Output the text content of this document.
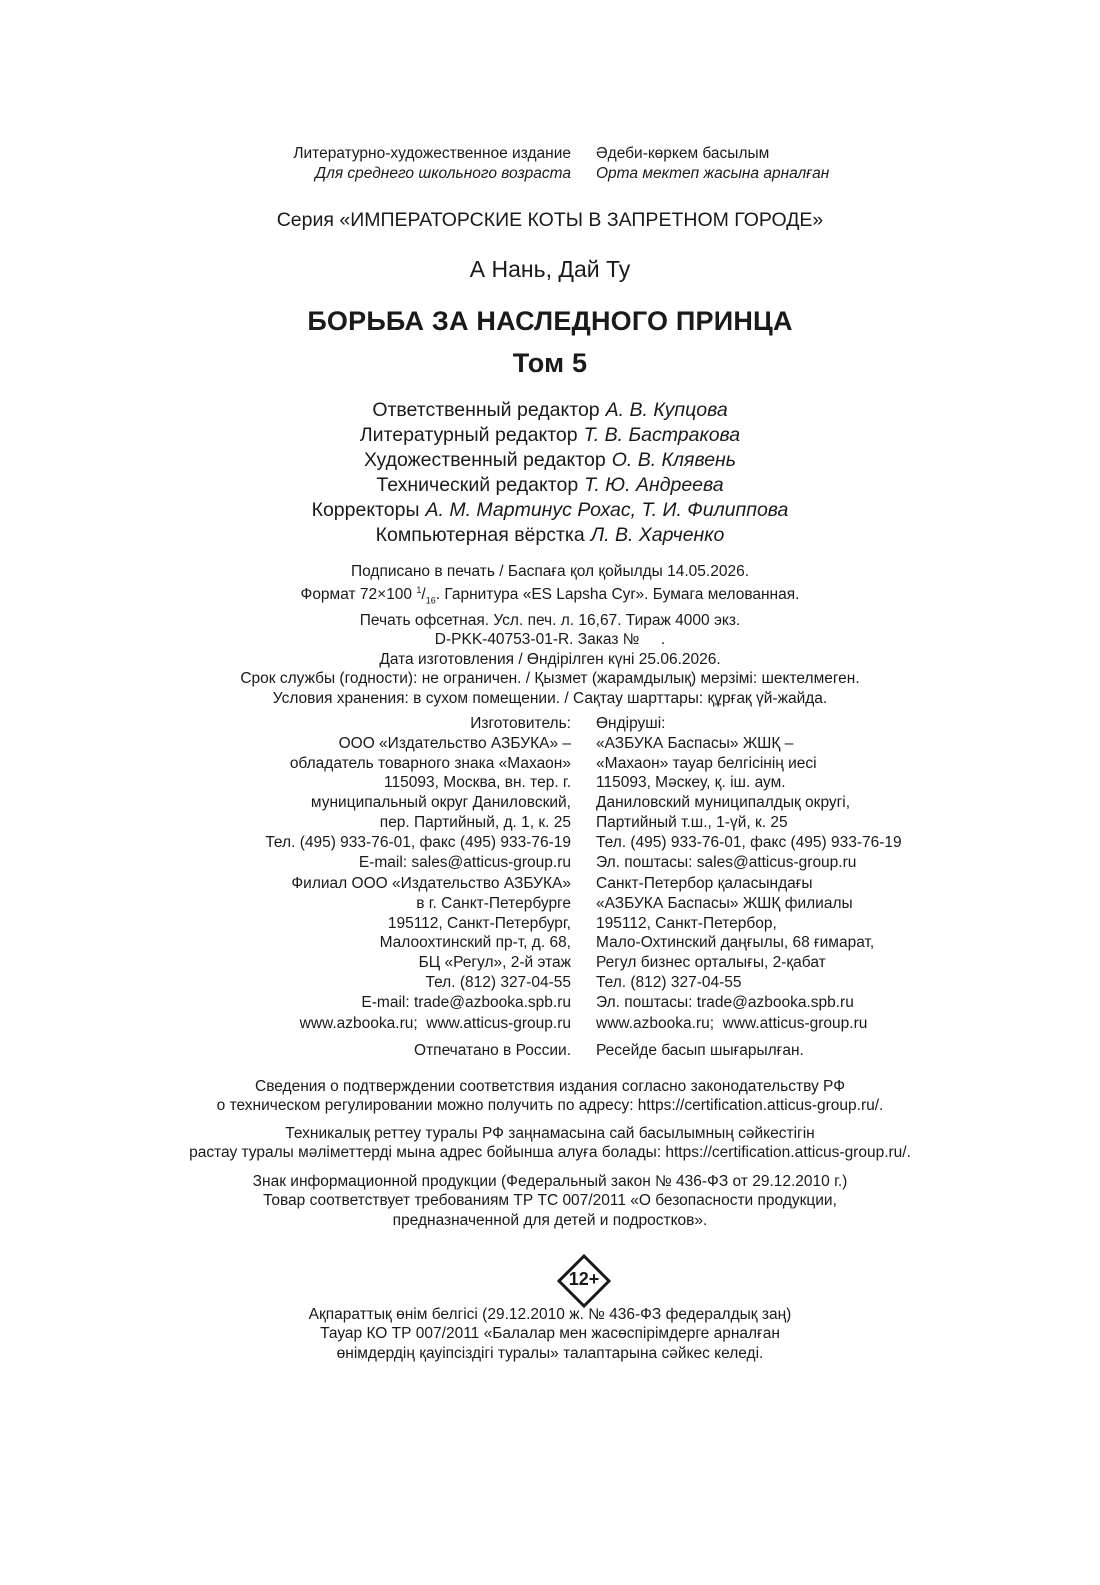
Литературно-художественное издание
Для среднего школьного возраста
Әдеби-көркем басылым
Орта мектеп жасына арналған
Серия «ИМПЕРАТОРСКИЕ КОТЫ В ЗАПРЕТНОМ ГОРОДЕ»
А Нань, Дай Ту
БОРЬБА ЗА НАСЛЕДНОГО ПРИНЦА
Том 5
Ответственный редактор А. В. Купцова
Литературный редактор Т. В. Бастракова
Художественный редактор О. В. Клявень
Технический редактор Т. Ю. Андреева
Корректоры А. М. Мартинус Рохас, Т. И. Филиппова
Компьютерная вёрстка Л. В. Харченко
Подписано в печать / Баспаға қол қойылды 14.05.2026.
Формат 72×100 $^1/_{16}$. Гарнитура «ES Lapsha Cyr». Бумага мелованная.
Печать офсетная. Усл. печ. л. 16,67. Тираж 4000 экз.
D-PKK-40753-01-R. Заказ №     .
Дата изготовления / Өндірілген күні 25.06.2026.
Срок службы (годности): не ограничен. / Қызмет (жарамдылық) мерзімі: шектелмеген.
Условия хранения: в сухом помещении. / Сақтау шарттары: құрғақ үй-жайда.
Изготовитель:
ООО «Издательство АЗБУКА» –
обладатель товарного знака «Махаон»
115093, Москва, вн. тер. г.
муниципальный округ Даниловский,
пер. Партийный, д. 1, к. 25
Тел. (495) 933-76-01, факс (495) 933-76-19
E-mail: sales@atticus-group.ru
Өндіруші:
«АЗБУКА Баспасы» ЖШҚ –
«Махаон» тауар белгісінің иесі
115093, Мәскеу, қ. іш. аум.
Даниловский муниципалдық округі,
Партийный т.ш., 1-үй, к. 25
Тел. (495) 933-76-01, факс (495) 933-76-19
Эл. поштасы: sales@atticus-group.ru
Филиал ООО «Издательство АЗБУКА»
в г. Санкт-Петербурге
195112, Санкт-Петербург,
Малоохтинский пр-т, д. 68,
БЦ «Регул», 2-й этаж
Тел. (812) 327-04-55
E-mail: trade@azbooka.spb.ru
Санкт-Петербор қаласындағы
«АЗБУКА Баспасы» ЖШҚ филиалы
195112, Санкт-Петербор,
Мало-Охтинский даңғылы, 68 ғимарат,
Регул бизнес орталығы, 2-қабат
Тел. (812) 327-04-55
Эл. поштасы: trade@azbooka.spb.ru
www.azbooka.ru;  www.atticus-group.ru www.azbooka.ru;  www.atticus-group.ru
Отпечатано в России. Ресейде басып шығарылған.
Сведения о подтверждении соответствия издания согласно законодательству РФ
о техническом регулировании можно получить по адресу: https://certification.atticus-group.ru/.
Техникалық реттеу туралы РФ заңнамасына сай басылымның сәйкестігін
растау туралы мәліметтерді мына адрес бойынша алуға болады: https://certification.atticus-group.ru/.
Знак информационной продукции (Федеральный закон № 436-ФЗ от 29.12.2010 г.)
Товар соответствует требованиям ТР ТС 007/2011 «О безопасности продукции,
предназначенной для детей и подростков».
12+
Ақпараттық өнім белгісі (29.12.2010 ж. № 436-ФЗ федералдық заң)
Тауар КО ТР 007/2011 «Балалар мен жасөспірімдерге арналған
өнімдердің қауіпсіздігі туралы» талаптарына сәйкес келеді.
